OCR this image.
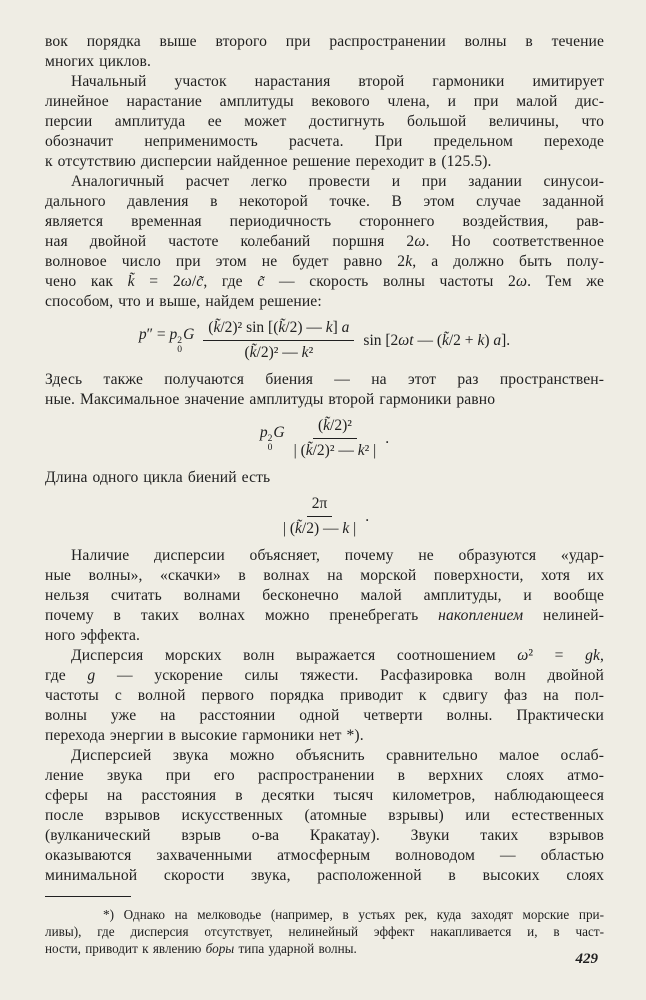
вок порядка выше второго при распространении волны в течение
многих циклов.
Начальный участок нарастания второй гармоники имитирует
линейное нарастание амплитуды векового члена, и при малой дис-
персии амплитуда ее может достигнуть большой величины, что
обозначит неприменимость расчета. При предельном переходе
к отсутствию дисперсии найденное решение переходит в (125.5).
Аналогичный расчет легко провести и при задании синусои-
дального давления в некоторой точке. В этом случае заданной
является временная периодичность стороннего воздействия, рав-
ная двойной частоте колебаний поршня 2ω. Но соответственное
волновое число при этом не будет равно 2k, а должно быть полу-
чено как k̃ = 2ω/c̃, где c̃ — скорость волны частоты 2ω. Тем же
способом, что и выше, найдем решение:
p″ = p 2
0
G $\frac{\text{(k̃/2)² sin [(k̃/2) — k] a}}{\text{(k̃/2)² — k²}}$ sin [2ωt — (k̃/2 + k) a].
Здесь также получаются биения — на этот раз пространствен-
ные. Максимальное значение амплитуды второй гармоники равно
p 2
0
G $\frac{\text{(k̃/2)²}}{\text{| (k̃/2)² — k² |}}$ .
Длина одного цикла биений есть
$\frac{2\pi}{| (k̃/2) — k |}$ .
Наличие дисперсии объясняет, почему не образуются «удар-
ные волны», «скачки» в волнах на морской поверхности, хотя их
нельзя считать волнами бесконечно малой амплитуды, и вообще
почему в таких волнах можно пренебрегать накоплением нелиней-
ного эффекта.
Дисперсия морских волн выражается соотношением ω² = gk,
где g — ускорение силы тяжести. Расфазировка волн двойной
частоты с волной первого порядка приводит к сдвигу фаз на пол-
волны уже на расстоянии одной четверти волны. Практически
перехода энергии в высокие гармоники нет *).
Дисперсией звука можно объяснить сравнительно малое ослаб-
ление звука при его распространении в верхних слоях атмо-
сферы на расстояния в десятки тысяч километров, наблюдающееся
после взрывов искусственных (атомные взрывы) или естественных
(вулканический взрыв о-ва Кракатау). Звуки таких взрывов
оказываются захваченными атмосферным волноводом — областью
минимальной скорости звука, расположенной в высоких слоях
*) Однако на мелководье (например, в устьях рек, куда заходят морские при-
ливы), где дисперсия отсутствует, нелинейный эффект накапливается и, в част-
ности, приводит к явлению боры типа ударной волны.
429
